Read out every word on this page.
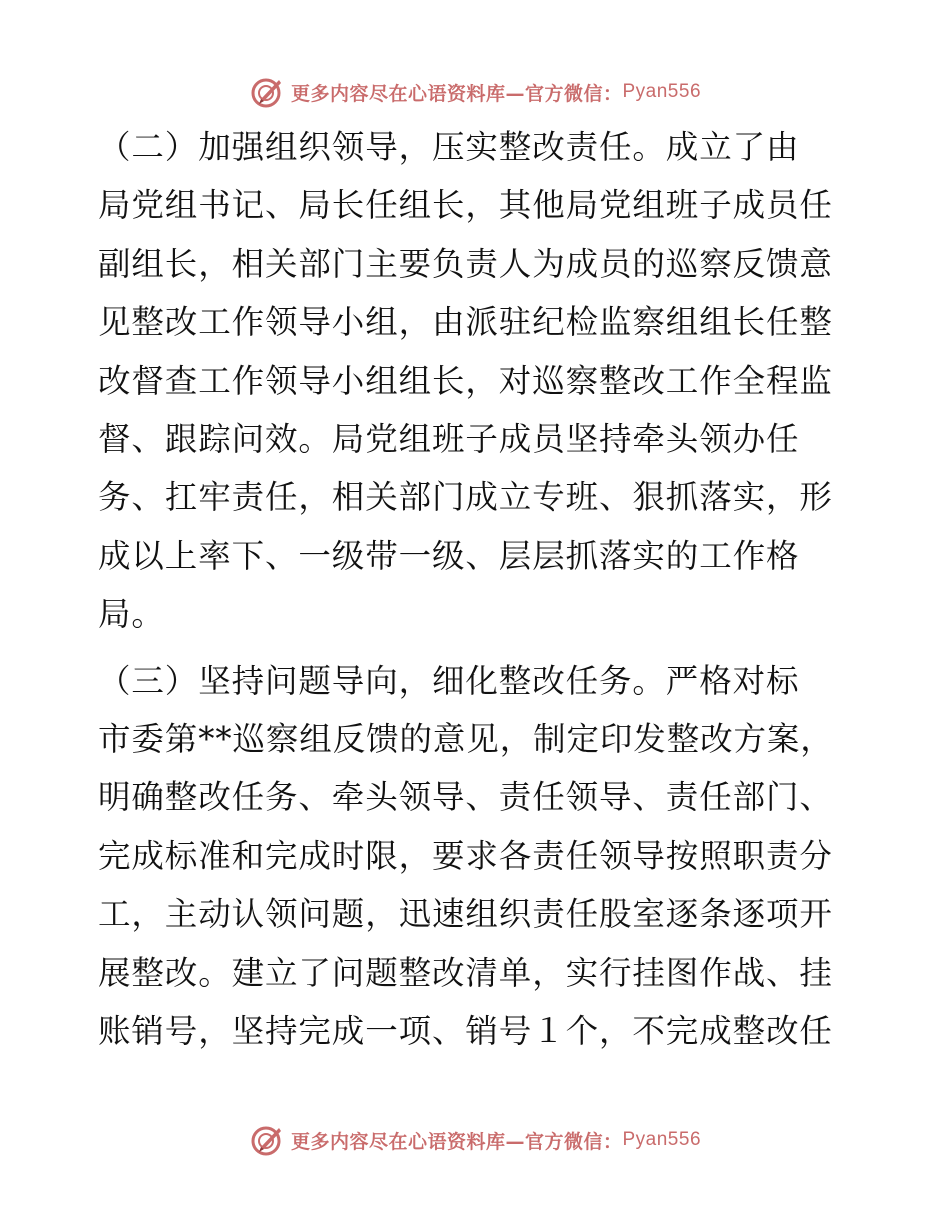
更多内容尽在心语资料库—官方微信： Pyan556

（二）加强组织领导，压实整改责任。成立了由
局党组书记、局长任组长，其他局党组班子成员任
副组长，相关部门主要负责人为成员的巡察反馈意
见整改工作领导小组，由派驻纪检监察组组长任整
改督查工作领导小组组长，对巡察整改工作全程监
督、跟踪问效。局党组班子成员坚持牵头领办任
务、扛牢责任，相关部门成立专班、狠抓落实，形
成以上率下、一级带一级、层层抓落实的工作格
局。

（三）坚持问题导向，细化整改任务。严格对标
市委第**巡察组反馈的意见，制定印发整改方案，
明确整改任务、牵头领导、责任领导、责任部门、
完成标准和完成时限，要求各责任领导按照职责分
工，主动认领问题，迅速组织责任股室逐条逐项开
展整改。建立了问题整改清单，实行挂图作战、挂
账销号，坚持完成一项、销号１个，不完成整改任

更多内容尽在心语资料库—官方微信： Pyan556
